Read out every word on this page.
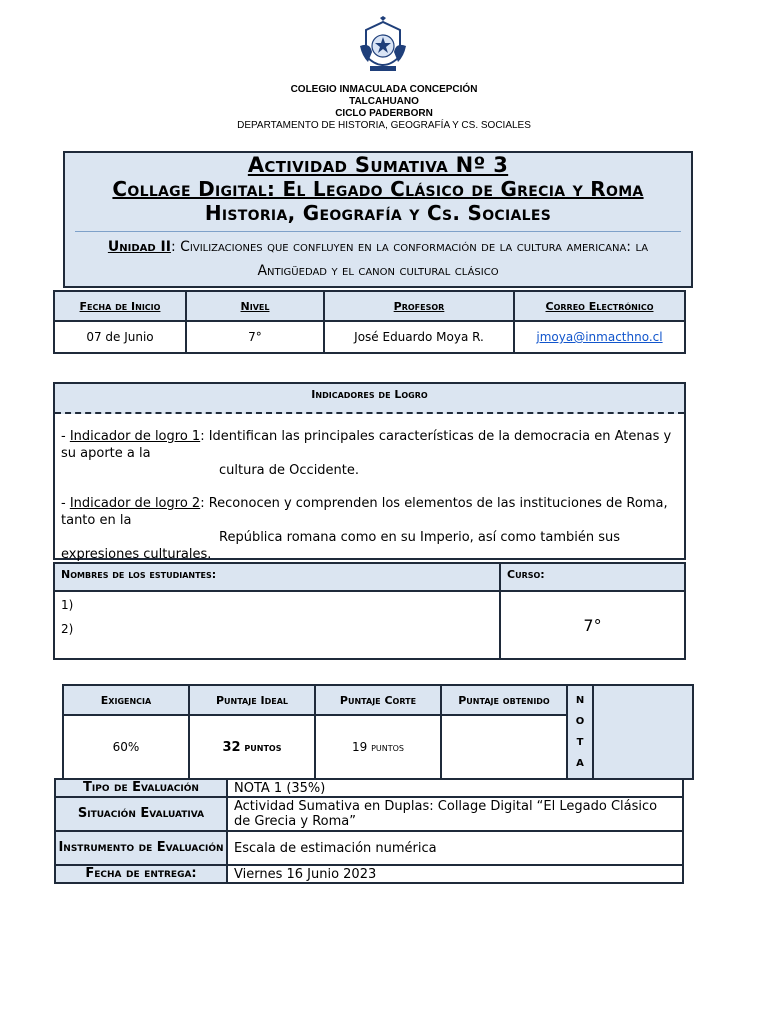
COLEGIO INMACULADA CONCEPCIÓN
TALCAHUANO
CICLO PADERBORN
DEPARTAMENTO DE HISTORIA, GEOGRAFÍA Y CS. SOCIALES
Actividad Sumativa Nº 3
Collage Digital: El Legado Clásico de Grecia y Roma
Historia, Geografía y Cs. Sociales
Unidad II: Civilizaciones que confluyen en la conformación de la cultura americana: la Antigüedad y el canon cultural clásico
Fecha de Inicio	Nivel	Profesor	Correo Electrónico
07 de Junio	7°	José Eduardo Moya R.	jmoya@inmacthno.cl
Indicadores de Logro

- Indicador de logro 1: Identifican las principales características de la democracia en Atenas y su aporte a la
cultura de Occidente.

- Indicador de logro 2: Reconocen y comprenden los elementos de las instituciones de Roma, tanto en la
República romana como en su Imperio, así como también sus
expresiones culturales.

Nombres de los estudiantes:	Curso:

1)
2)	7°
Exigencia	Puntaje Ideal	Puntaje Corte	Puntaje obtenido	N
O
T
A	

60%	32 puntos	19 puntos			
Tipo de Evaluación	NOTA 1 (35%)
Situación Evaluativa	Actividad Sumativa en Duplas: Collage Digital “El Legado Clásico de Grecia y Roma”
Instrumento de Evaluación	Escala de estimación numérica
Fecha de entrega:	Viernes 16 Junio 2023
